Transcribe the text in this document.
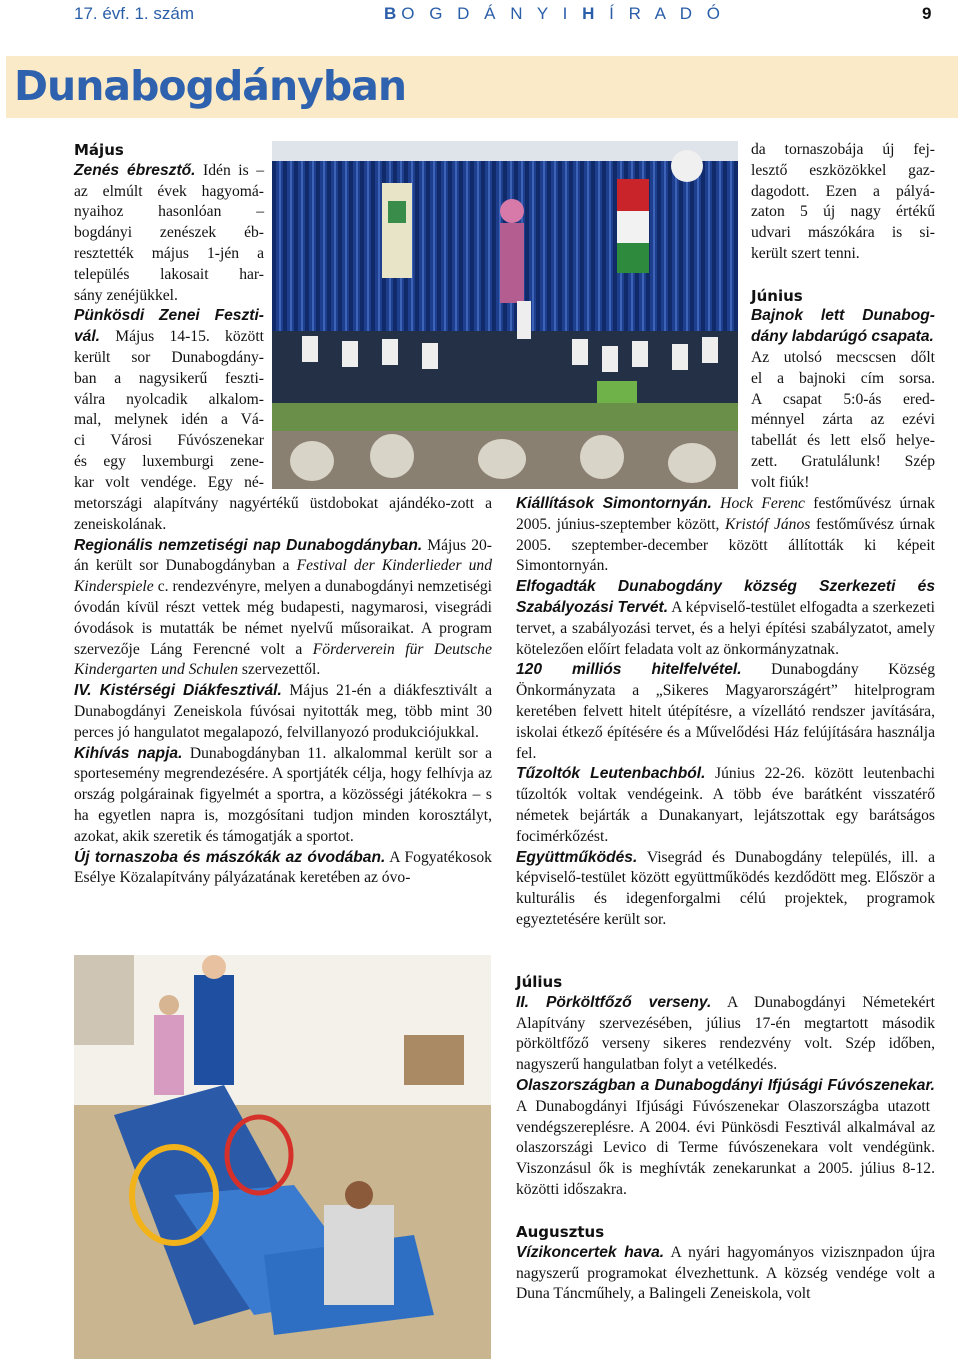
17. évf. 1. szám	BO G D Á N Y I H Í R A D Ó	9
Dunabogdányban

Május

Zenés ébresztő. Idén is –

az elmúlt évek hagyomá-

nyaihoz hasonlóan –

bogdányi zenészek éb-

resztették május 1-jén a

település lakosait har-

sány zenéjükkel.

Pünkösdi Zenei Feszti-

vál. Május 14-15. között

került sor Dunabogdány-

ban a nagysikerű feszti-

válra nyolcadik alkalom-

mal, melynek idén a Vá-

ci Városi Fúvószenekar

és egy luxemburgi zene-

kar volt vendége. Egy né-

metországi alapítvány nagyértékű üstdobokat ajándéko-zott a zeneiskolának.

Regionális nemzetiségi nap Dunabogdányban. Május 20-án került sor Dunabogdányban a Festival der Kinderlieder und Kinderspiele c. rendezvényre, melyen a dunabogdányi nemzetiségi óvodán kívül részt vettek még budapesti, nagymarosi, visegrádi óvodások is mutatták be német nyelvű műsoraikat. A program szervezője Láng Ferencné volt a Förderverein für Deutsche Kindergarten und Schulen szervezettől.

IV. Kistérségi Diákfesztivál. Május 21-én a diákfesztivált a Dunabogdányi Zeneiskola fúvósai nyitották meg, több mint 30 perces jó hangulatot megalapozó, felvillanyozó produkciójukkal.

Kihívás napja. Dunabogdányban 11. alkalommal került sor a sportesemény megrendezésére. A sportjáték célja, hogy felhívja az ország polgárainak figyelmét a sportra, a közösségi játékokra – s ha egyetlen napra is, mozgósítani tudjon minden korosztályt, azokat, akik szeretik és támogatják a sportot.

Új tornaszoba és mászókák az óvodában. A Fogyatékosok Esélye Közalapítvány pályázatának keretében az óvo-

da tornaszobája új fej-

lesztő eszközökkel gaz-

dagodott. Ezen a pályá-

zaton 5 új nagy értékű

udvari mászókára is si-

került szert tenni.

Június

Bajnok lett Dunabog-

dány labdarúgó csapata.

Az utolsó mecscsen dőlt

el a bajnoki cím sorsa.

A csapat 5:0-ás ered-

ménnyel zárta az ezévi

tabellát és lett első helye-

zett. Gratulálunk! Szép

volt fiúk!

Kiállítások Simontornyán. Hock Ferenc festőművész úrnak 2005. június-szeptember között, Kristóf János festőművész úrnak 2005. szeptember-december között állították ki képeit Simontornyán.

Elfogadták Dunabogdány község Szerkezeti és Szabályozási Tervét. A képviselő-testület elfogadta a szerkezeti tervet, a szabályozási tervet, és a helyi építési szabályzatot, amely kötelezően előírt feladata volt az önkormányzatnak.

120 milliós hitelfelvétel. Dunabogdány Község Önkormányzata a „Sikeres Magyarországért” hitelprogram keretében felvett hitelt útépítésre, a vízellátó rendszer javítására, iskolai étkező építésére és a Művelődési Ház felújítására használja fel.

Tűzoltók Leutenbachból. Június 22-26. között leutenbachi tűzoltók voltak vendégeink. A több éve barátként visszatérő németek bejárták a Dunakanyart, lejátszottak egy barátságos focimérkőzést.

Együttműködés. Visegrád és Dunabogdány település, ill. a képviselő-testület között együttműködés kezdődött meg. Először a kulturális és idegenforgalmi célú projektek, programok egyeztetésére került sor.

Július

II. Pörköltfőző verseny. A Dunabogdányi Németekért Alapítvány szervezésében, július 17-én megtartott második pörköltfőző verseny sikeres rendezvény volt. Szép időben, nagyszerű hangulatban folyt a vetélkedés.

Olaszországban a Dunabogdányi Ifjúsági Fúvószenekar. A Dunabogdányi Ifjúsági Fúvószenekar Olaszországba utazott vendégszereplésre. A 2004. évi Pünkösdi Fesztivál alkalmával az olaszországi Levico di Terme fúvószenekara volt vendégünk. Viszonzásul ők is meghívták zenekarunkat a 2005. július 8-12. közötti időszakra.

Augusztus

Vízikoncertek hava. A nyári hagyományos vizisznpadon újra nagyszerű programokat élvezhettunk. A község vendége volt a Duna Táncműhely, a Balingeli Zeneiskola, volt
